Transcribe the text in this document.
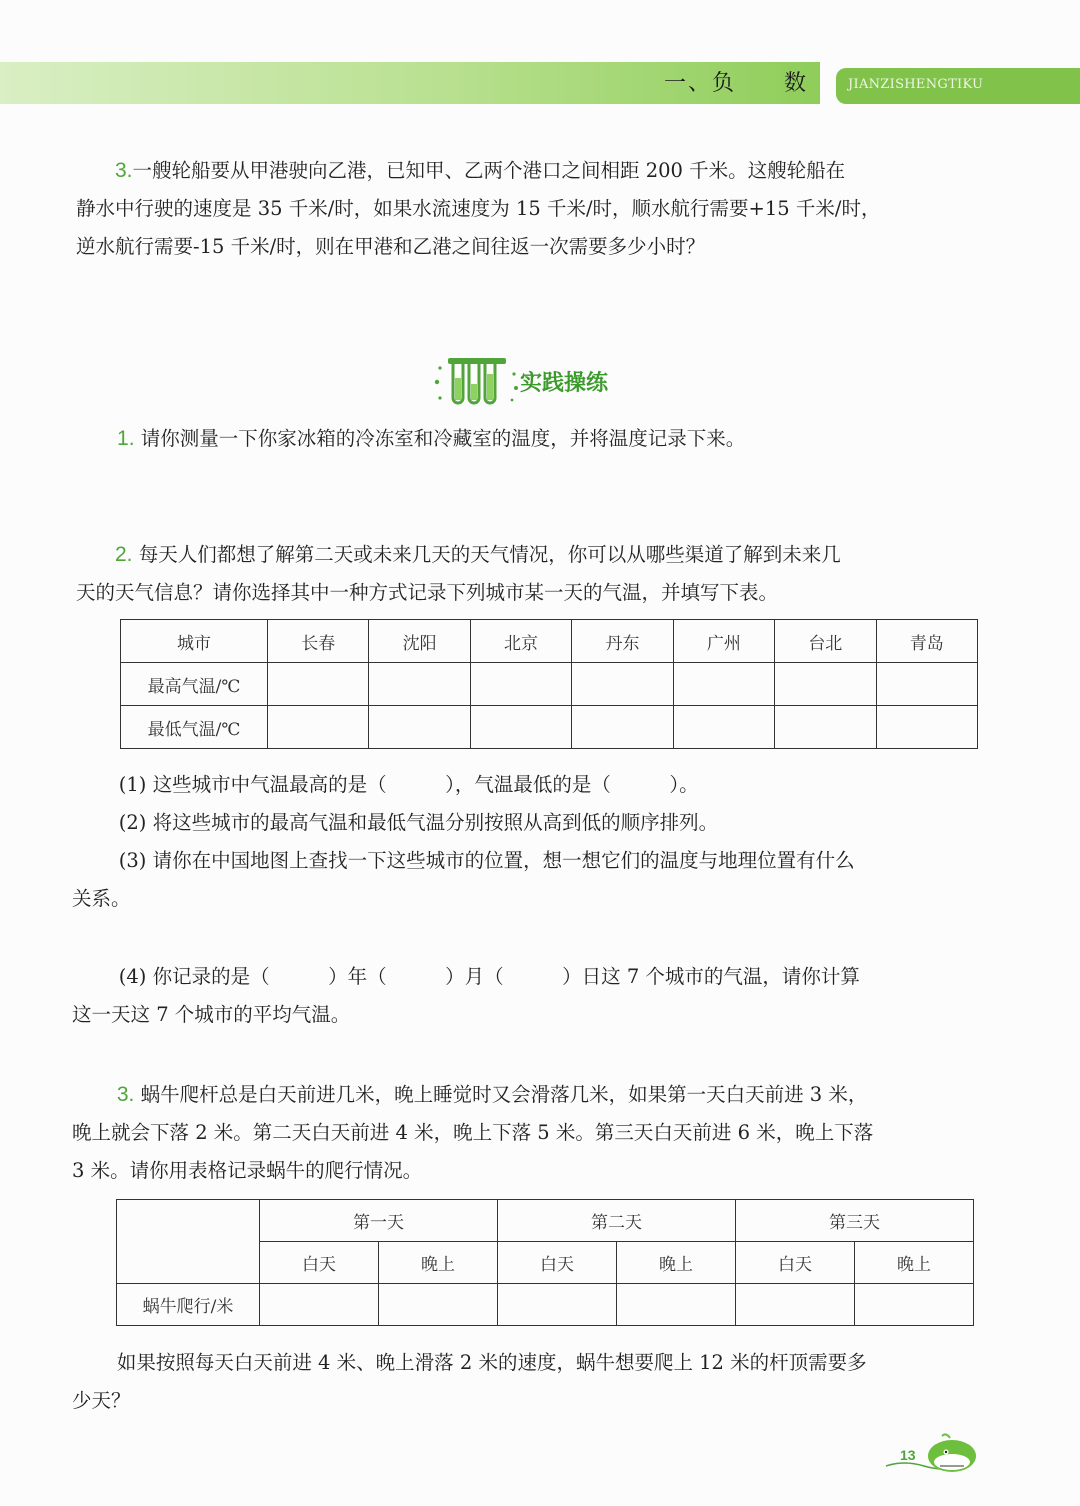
一、负 数	JIANZISHENGTIKU
3.一艘轮船要从甲港驶向乙港，已知甲、乙两个港口之间相距 200 千米。这艘轮船在
静水中行驶的速度是 35 千米/时，如果水流速度为 15 千米/时，顺水航行需要+15 千米/时，
逆水航行需要-15 千米/时，则在甲港和乙港之间往返一次需要多少小时？
实践操练
1. 请你测量一下你家冰箱的冷冻室和冷藏室的温度，并将温度记录下来。
2. 每天人们都想了解第二天或未来几天的天气情况，你可以从哪些渠道了解到未来几
天的天气信息？请你选择其中一种方式记录下列城市某一天的气温，并填写下表。
城市	长春	沈阳	北京	丹东	广州	台北	青岛
最高气温/℃							
最低气温/℃							
(1) 这些城市中气温最高的是（　　　），气温最低的是（　　　）。
(2) 将这些城市的最高气温和最低气温分别按照从高到低的顺序排列。
(3) 请你在中国地图上查找一下这些城市的位置，想一想它们的温度与地理位置有什么
关系。
(4) 你记录的是（　　　）年（　　　）月（　　　）日这 7 个城市的气温，请你计算
这一天这 7 个城市的平均气温。
3. 蜗牛爬杆总是白天前进几米，晚上睡觉时又会滑落几米，如果第一天白天前进 3 米，
晚上就会下落 2 米。第二天白天前进 4 米，晚上下落 5 米。第三天白天前进 6 米，晚上下落
3 米。请你用表格记录蜗牛的爬行情况。
	第一天		第二天		第三天	
	白天	晚上	白天	晚上	白天	晚上
蜗牛爬行/米						
如果按照每天白天前进 4 米、晚上滑落 2 米的速度，蜗牛想要爬上 12 米的杆顶需要多
少天？
13
